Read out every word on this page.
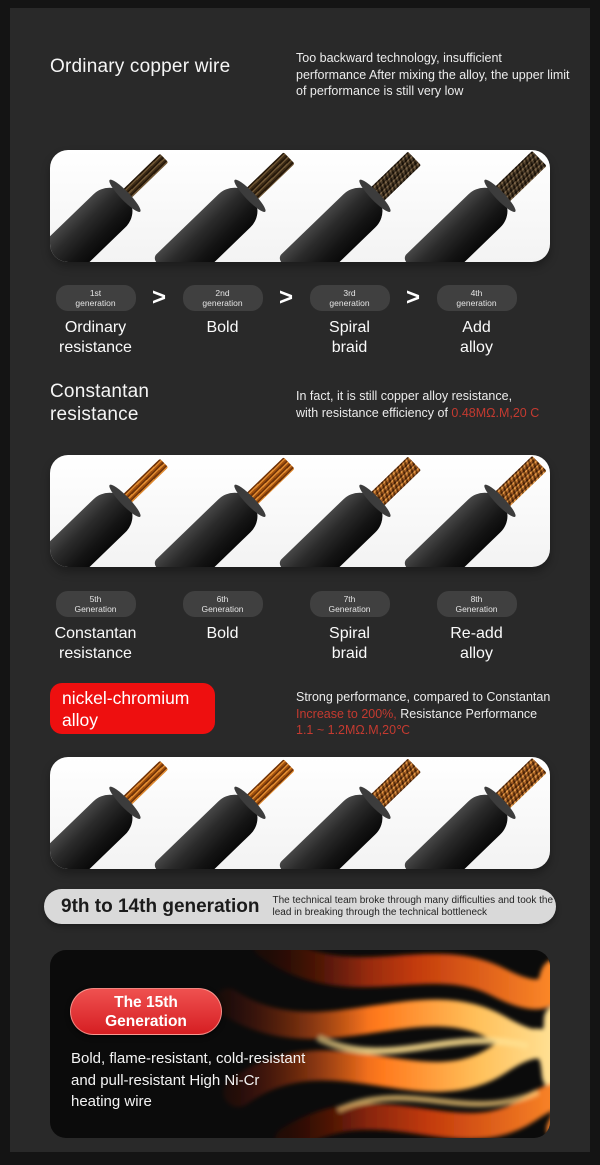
Ordinary copper wire	Too backward technology, insufficient performance After mixing the alloy, the upper limit of performance is still very low
1st
generation
Ordinary
resistance
2nd
generation
Bold
3rd
generation
Spiral
braid
4th
generation
Add
alloy
>	>	>
Constantan resistance
In fact, it is still copper alloy resistance,
with resistance efficiency of 0.48MΩ.M,20 C
5th
Generation
Constantan
resistance
6th
Generation
Bold
7th
Generation
Spiral
braid
8th
Generation
Re-add
alloy
nickel-chromium
alloy
Strong performance, compared to Constantan
Increase to 200%, Resistance Performance
1.1 ~ 1.2MΩ.M,20℃
9th to 14th generation The technical team broke through many difficulties and took the lead in breaking through the technical bottleneck
The 15th
Generation
Bold, flame-resistant, cold-resistant
and pull-resistant High Ni-Cr
heating wire
